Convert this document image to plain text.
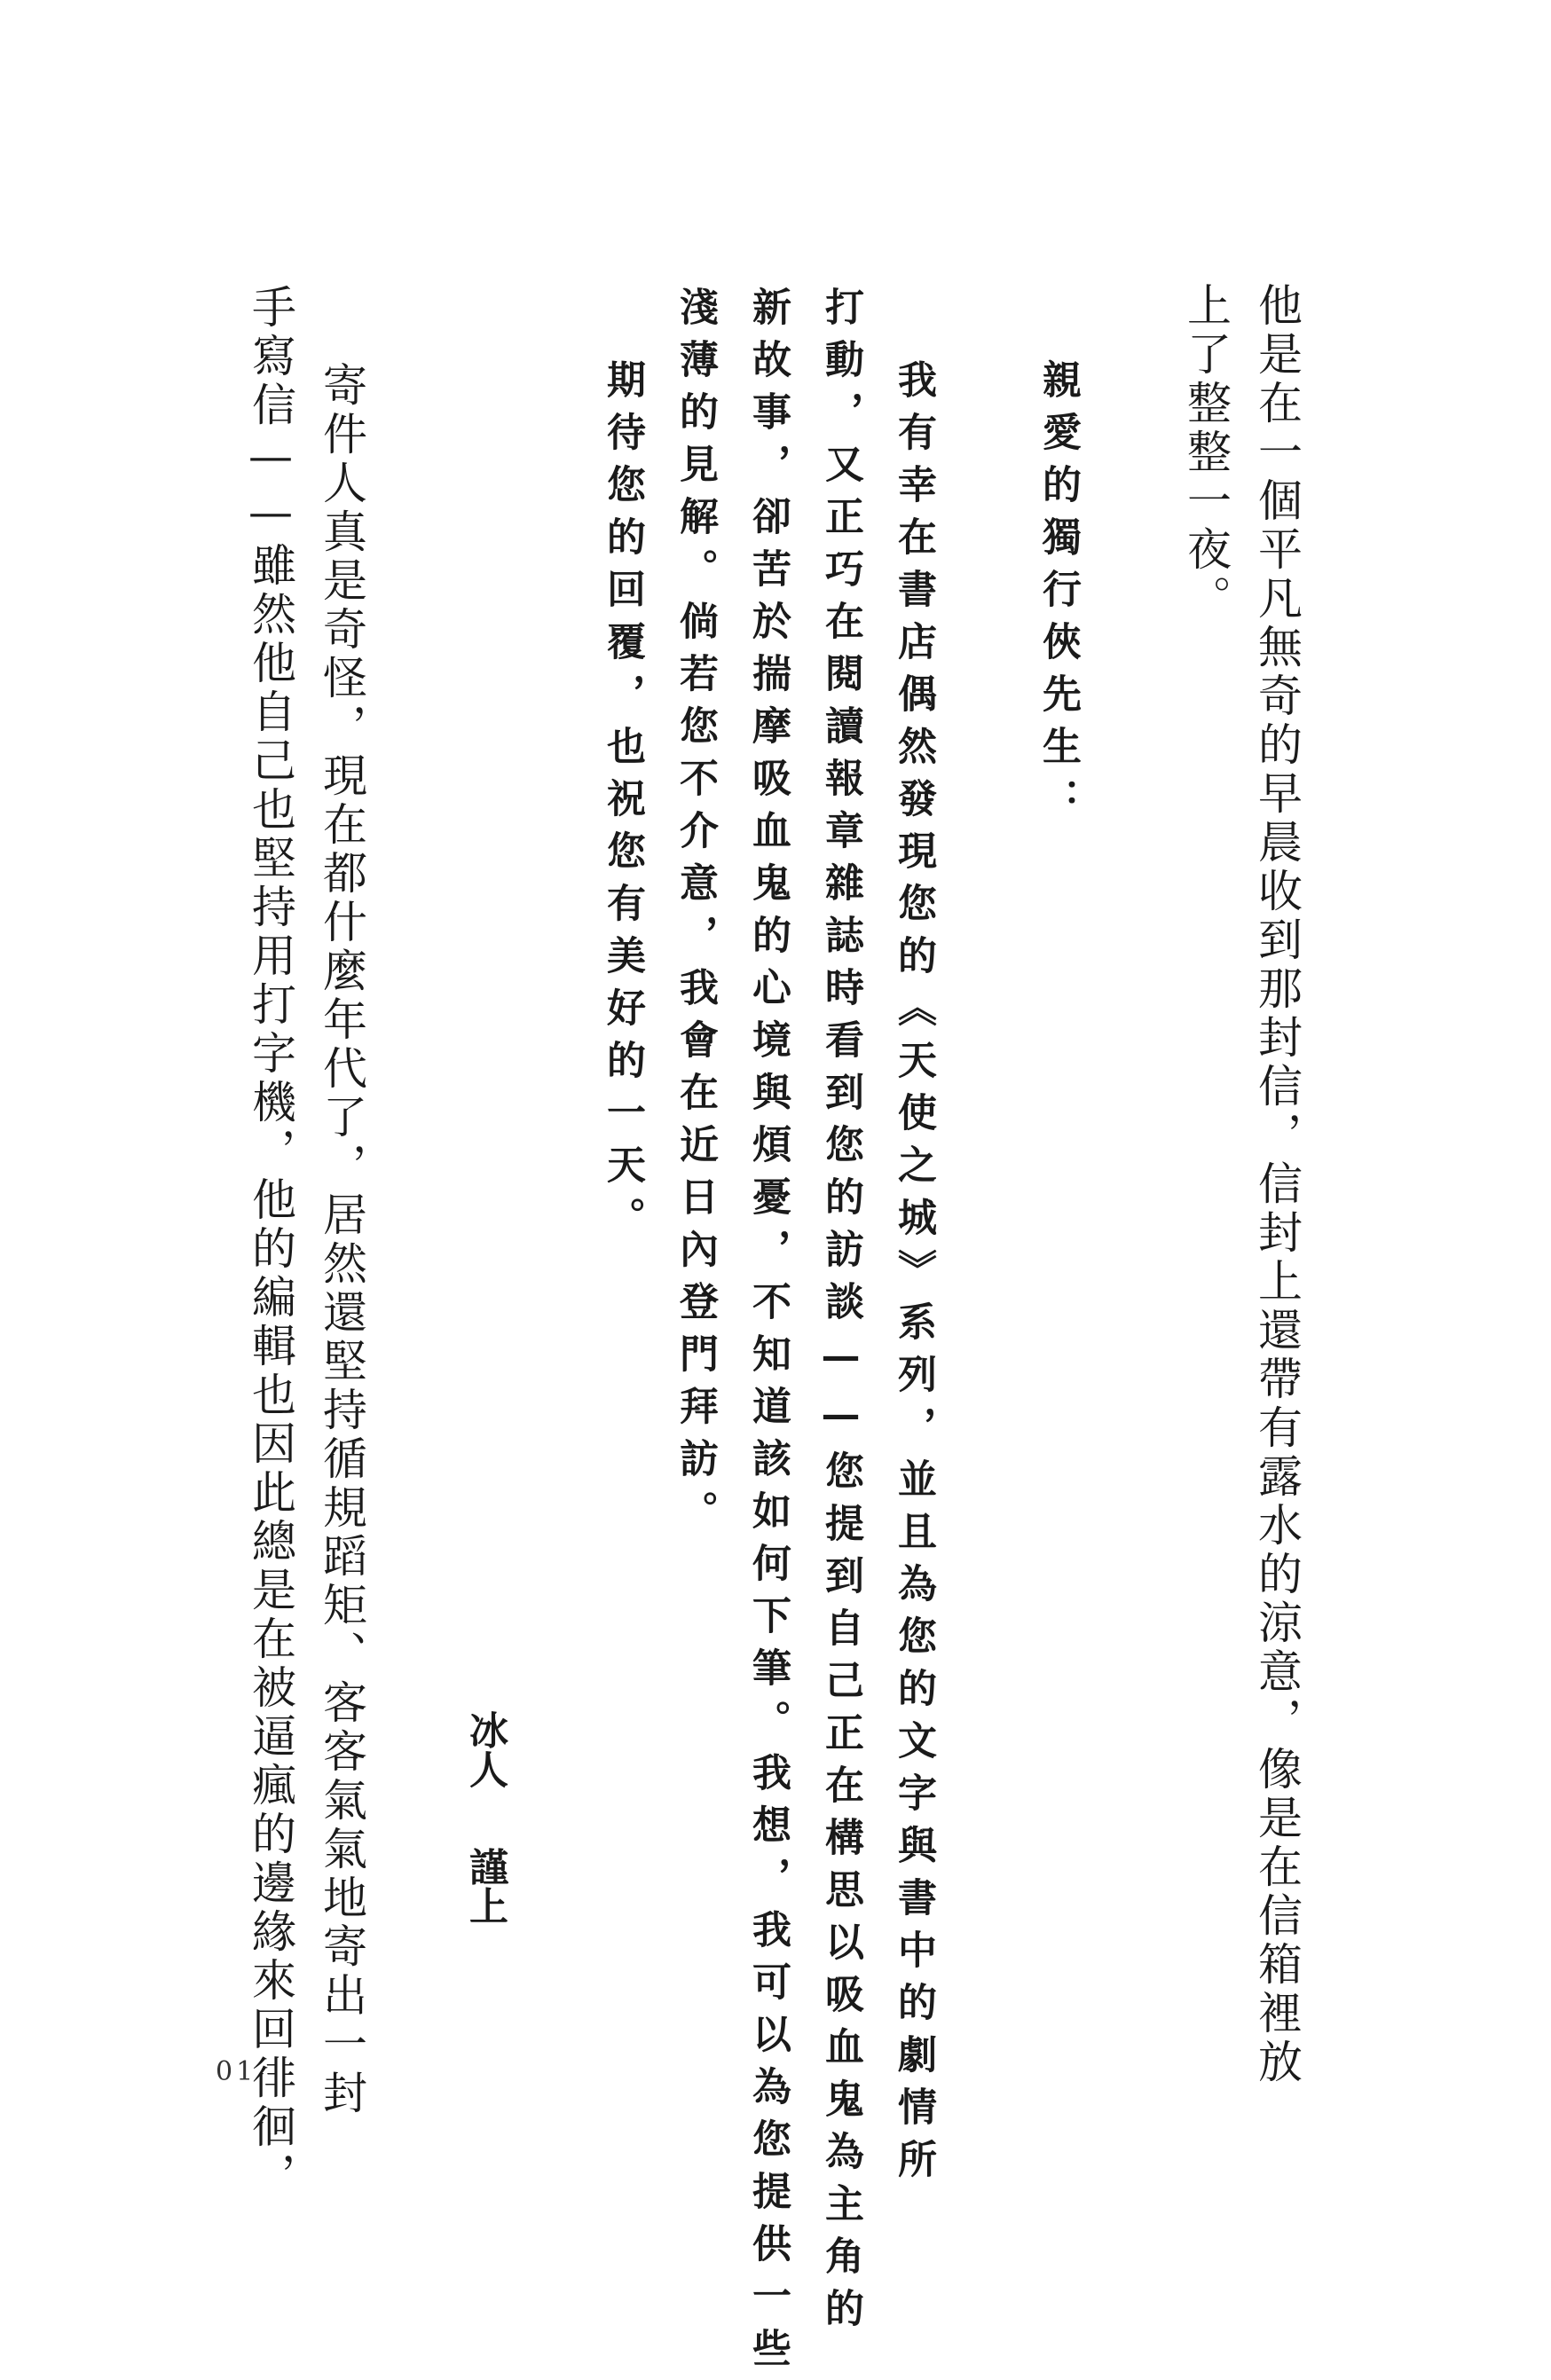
他是在一個平凡無奇的早晨收到那封信，信封上還帶有露水的涼意，像是在信箱裡放
上了整整一夜。
親愛的獨行俠先生：
我有幸在書店偶然發現您的《天使之城》系列，並且為您的文字與書中的劇情所
打動，又正巧在閱讀報章雜誌時看到您的訪談——您提到自己正在構思以吸血鬼為主角的
新故事，卻苦於揣摩吸血鬼的心境與煩憂，不知道該如何下筆。我想，我可以為您提供一些
淺薄的見解。倘若您不介意，我會在近日內登門拜訪。
期待您的回覆，也祝您有美好的一天。
冰人
謹上
寄件人真是奇怪，現在都什麼年代了，居然還堅持循規蹈矩、客客氣氣地寄出一封
手寫信——雖然他自己也堅持用打字機，他的編輯也因此總是在被逼瘋的邊緣來回徘徊，
01
